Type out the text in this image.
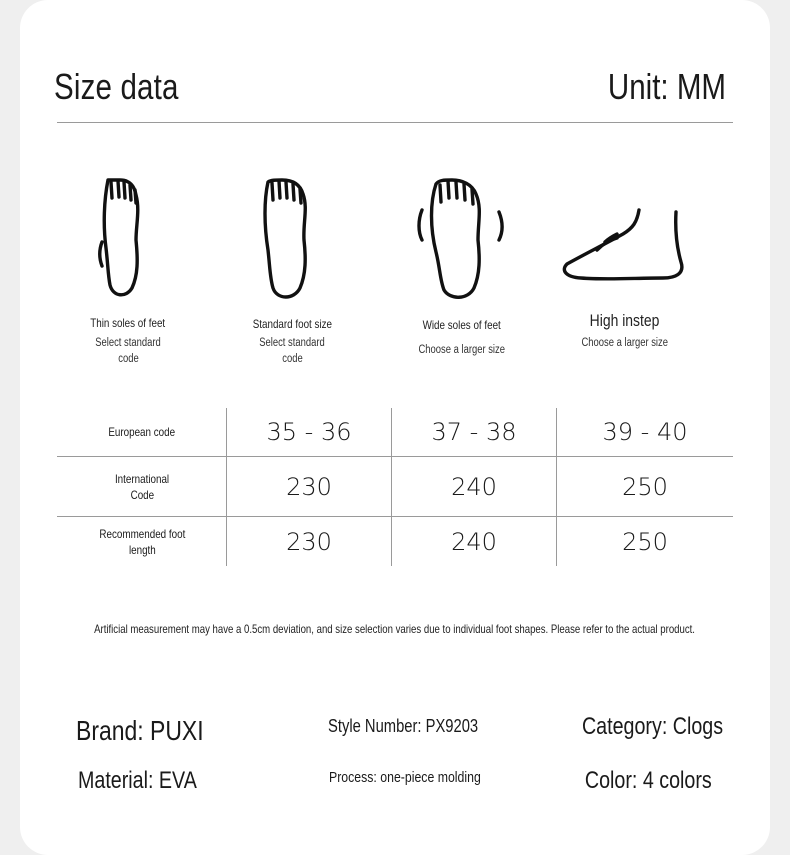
Size data	Unit: MM
Thin soles of feet
Select standard
code
Standard foot size
Select standard
code
Wide soles of feet
Choose a larger size
High instep
Choose a larger size
European code	35 - 36	37 - 38	39 - 40
International
Code	230	240	250
Recommended foot
length	230	240	250
Artificial measurement may have a 0.5cm deviation, and size selection varies due to individual foot shapes. Please refer to the actual product.
Brand: PUXI	Style Number: PX9203	Category: Clogs
Material: EVA	Process: one-piece molding	Color: 4 colors
